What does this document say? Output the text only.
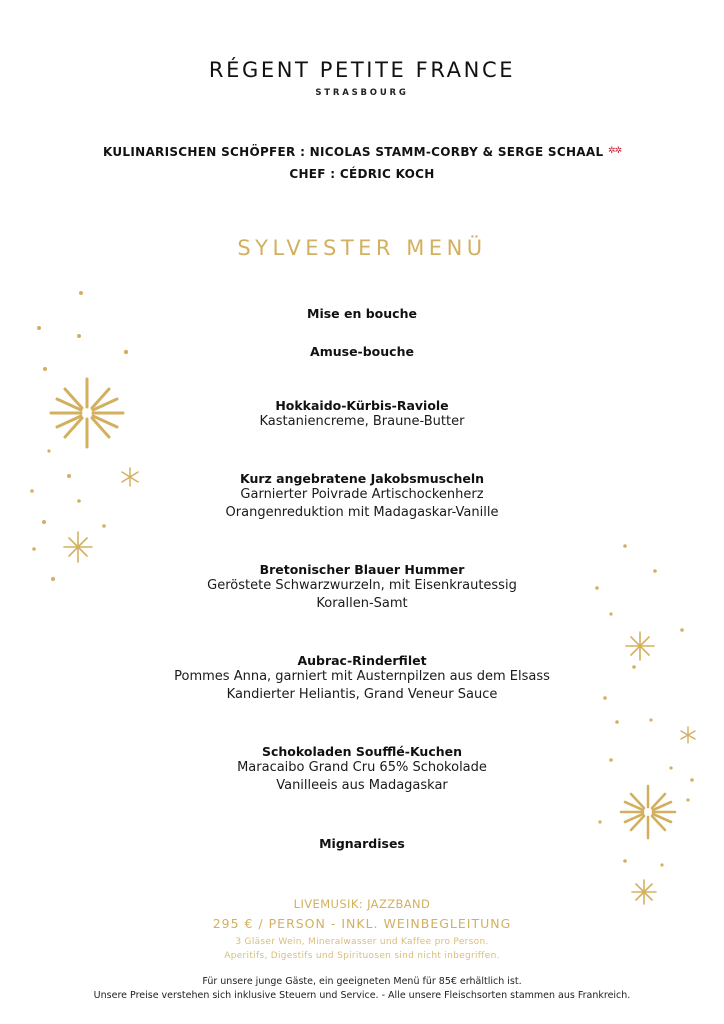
RÉGENT PETITE FRANCE
STRASBOURG
KULINARISCHEN SCHÖPFER : NICOLAS STAMM-CORBY & SERGE SCHAAL ✲✲
CHEF : CÉDRIC KOCH
SYLVESTER MENÜ
Mise en bouche
Amuse-bouche
Hokkaido-Kürbis-Raviole
Kastaniencreme, Braune-Butter
Kurz angebratene Jakobsmuscheln
Garnierter Poivrade Artischockenherz
Orangenreduktion mit Madagaskar-Vanille
Bretonischer Blauer Hummer
Geröstete Schwarzwurzeln, mit Eisenkrautessig
Korallen-Samt
Aubrac-Rinderfilet
Pommes Anna, garniert mit Austernpilzen aus dem Elsass
Kandierter Heliantis, Grand Veneur Sauce
Schokoladen Soufflé-Kuchen
Maracaibo Grand Cru 65% Schokolade
Vanilleeis aus Madagaskar
Mignardises
LIVEMUSIK: JAZZBAND
295 € / PERSON - INKL. WEINBEGLEITUNG
3 Gläser Wein, Mineralwasser und Kaffee pro Person.
Aperitifs, Digestifs und Spirituosen sind nicht inbegriffen.
Für unsere junge Gäste, ein geeigneten Menü für 85€ erhältlich ist.
Unsere Preise verstehen sich inklusive Steuern und Service. - Alle unsere Fleischsorten stammen aus Frankreich.
